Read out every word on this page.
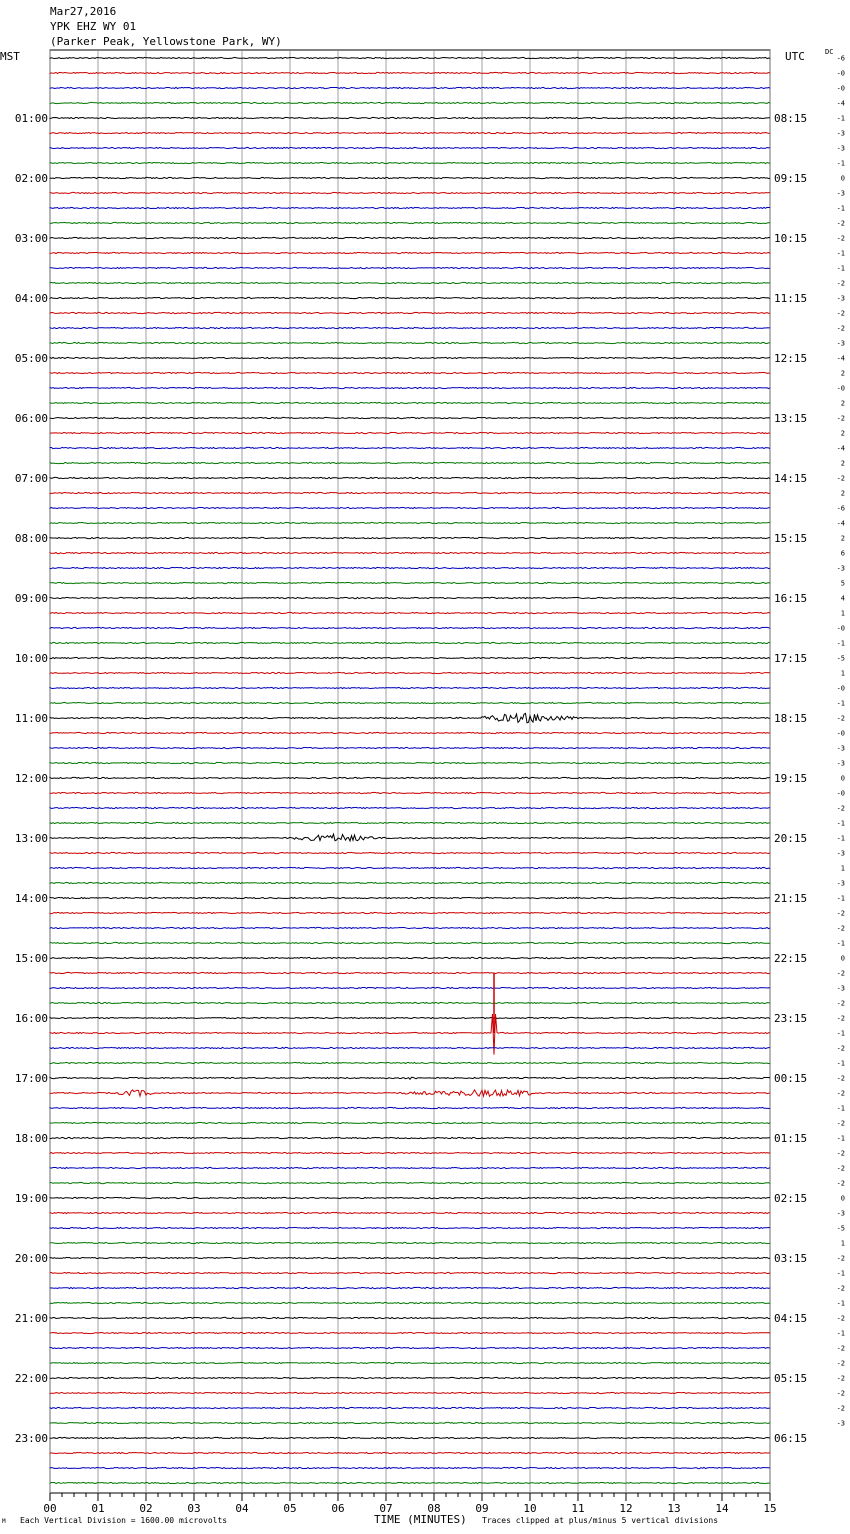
Mar27,2016
YPK EHZ WY 01
(Parker Peak, Yellowstone Park, WY)
MST	UTC	DC
00	01	02	03	04	05	06	07	08	09	10	11	12	13	14	15
-6
-0
-0
-4
-1
-3
-3
-1
0
-3
-1
-2
-2
-1
-1
-2
-3
-2
-2
-3
-4
2
-0
2
-2
2
-4
2
-2
2
-6
-4
2
6
-3
5
4
1
-0
-1
-5
1
-0
-1
-2
-0
-3
-3
0
-0
-2
-1
-1
-3
1
-3
-1
-2
-2
-1
0
-2
-3
-2
-2
-1
-2
-1
-2
-2
-1
-2
-1
-2
-2
-2
0
-3
-5
1
-2
-1
-2
-1
-2
-1
-2
-2
-2
-2
-2
-3
01:00	08:15
02:00	09:15
03:00	10:15
04:00	11:15
05:00	12:15
06:00	13:15
07:00	14:15
08:00	15:15
09:00	16:15
10:00	17:15
11:00	18:15
12:00	19:15
13:00	20:15
14:00	21:15
15:00	22:15
16:00	23:15
17:00	00:15
18:00	01:15
19:00	02:15
20:00	03:15
21:00	04:15
22:00	05:15
23:00	06:15
M Each Vertical Division = 1600.00 microvolts	TIME (MINUTES) Traces clipped at plus/minus 5 vertical divisions
